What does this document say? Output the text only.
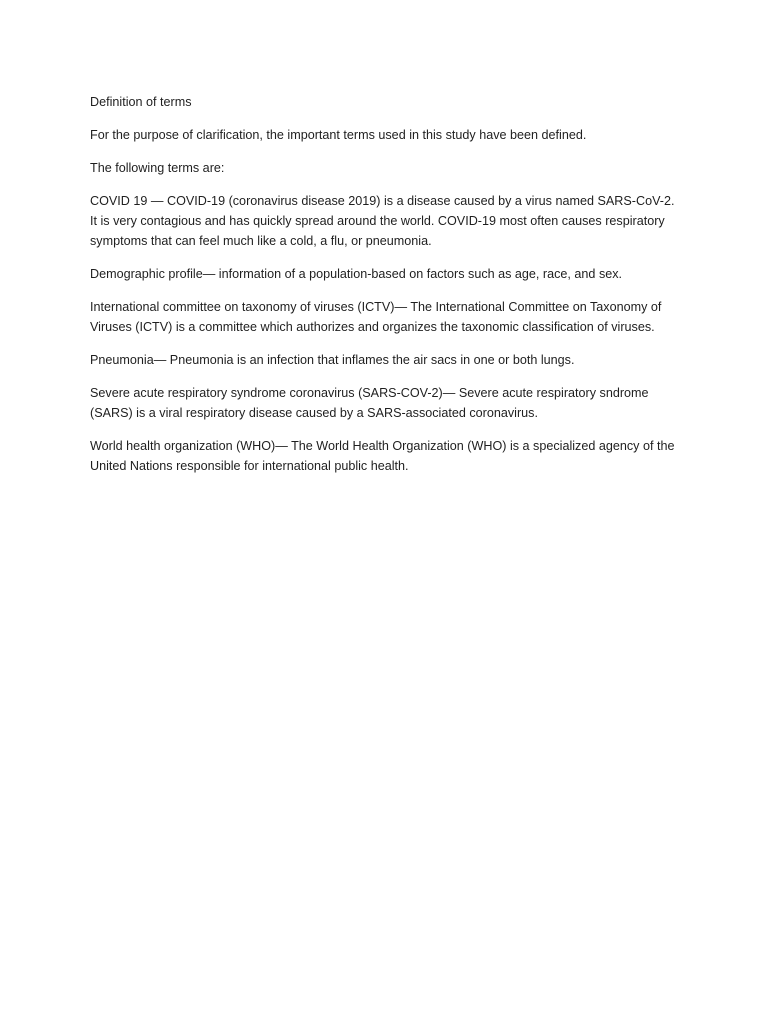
Definition of terms

For the purpose of clarification, the important terms used in this study have been defined.

The following terms are:

COVID 19 — COVID-19 (coronavirus disease 2019) is a disease caused by a virus named SARS-CoV-2. It is very contagious and has quickly spread around the world. COVID-19 most often causes respiratory symptoms that can feel much like a cold, a flu, or pneumonia.

Demographic profile— information of a population-based on factors such as age, race, and sex.

International committee on taxonomy of viruses (ICTV)— The International Committee on Taxonomy of Viruses (ICTV) is a committee which authorizes and organizes the taxonomic classification of viruses.

Pneumonia— Pneumonia is an infection that inflames the air sacs in one or both lungs.

Severe acute respiratory syndrome coronavirus (SARS-COV-2)— Severe acute respiratory sndrome (SARS) is a viral respiratory disease caused by a SARS-associated coronavirus.

World health organization (WHO)— The World Health Organization (WHO) is a specialized agency of the United Nations responsible for international public health.
